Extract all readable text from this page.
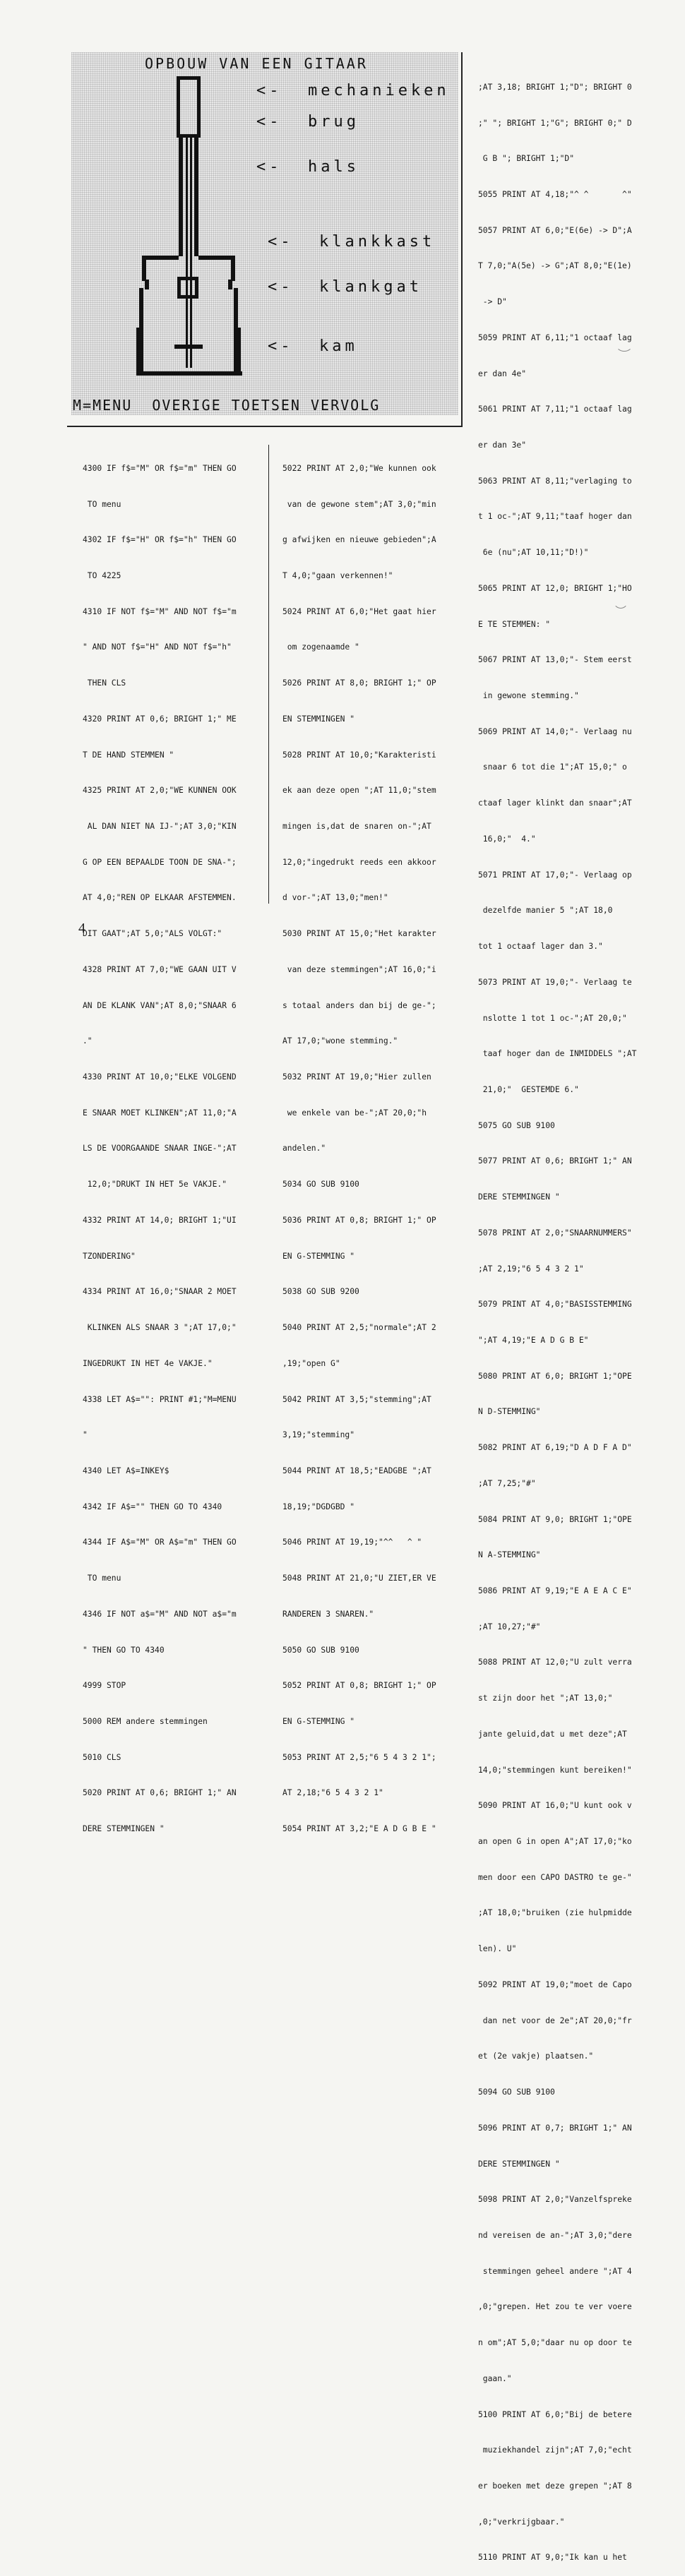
OPBOUW VAN EEN GITAAR
<-  mechanieken
<-  brug
<-  hals
<-  klankkast
<-  klankgat
<-  kam
M=MENU  OVERIGE TOETSEN VERVOLG

4300 IF f$="M" OR f$="m" THEN GO

TO menu

4302 IF f$="H" OR f$="h" THEN GO

TO 4225

4310 IF NOT f$="M" AND NOT f$="m

" AND NOT f$="H" AND NOT f$="h"

THEN CLS

4320 PRINT AT 0,6; BRIGHT 1;" ME

T DE HAND STEMMEN "

4325 PRINT AT 2,0;"WE KUNNEN OOK

AL DAN NIET NA IJ-";AT 3,0;"KIN

G OP EEN BEPAALDE TOON DE SNA-";

AT 4,0;"REN OP ELKAAR AFSTEMMEN.

DIT GAAT";AT 5,0;"ALS VOLGT:"

4328 PRINT AT 7,0;"WE GAAN UIT V

AN DE KLANK VAN";AT 8,0;"SNAAR 6

."

4330 PRINT AT 10,0;"ELKE VOLGEND

E SNAAR MOET KLINKEN";AT 11,0;"A

LS DE VOORGAANDE SNAAR INGE-";AT

12,0;"DRUKT IN HET 5e VAKJE."

4332 PRINT AT 14,0; BRIGHT 1;"UI

TZONDERING"

4334 PRINT AT 16,0;"SNAAR 2 MOET

KLINKEN ALS SNAAR 3 ";AT 17,0;"

INGEDRUKT IN HET 4e VAKJE."

4338 LET A$="": PRINT #1;"M=MENU

"

4340 LET A$=INKEY$

4342 IF A$="" THEN GO TO 4340

4344 IF A$="M" OR A$="m" THEN GO

TO menu

4346 IF NOT a$="M" AND NOT a$="m

" THEN GO TO 4340

4999 STOP

5000 REM andere stemmingen

5010 CLS

5020 PRINT AT 0,6; BRIGHT 1;" AN

DERE STEMMINGEN "

5022 PRINT AT 2,0;"We kunnen ook

van de gewone stem";AT 3,0;"min

g afwijken en nieuwe gebieden";A

T 4,0;"gaan verkennen!"

5024 PRINT AT 6,0;"Het gaat hier

om zogenaamde "

5026 PRINT AT 8,0; BRIGHT 1;" OP

EN STEMMINGEN "

5028 PRINT AT 10,0;"Karakteristi

ek aan deze open ";AT 11,0;"stem

mingen is,dat de snaren on-";AT

12,0;"ingedrukt reeds een akkoor

d vor-";AT 13,0;"men!"

5030 PRINT AT 15,0;"Het karakter

van deze stemmingen";AT 16,0;"i

s totaal anders dan bij de ge-";

AT 17,0;"wone stemming."

5032 PRINT AT 19,0;"Hier zullen

we enkele van be-";AT 20,0;"h

andelen."

5034 GO SUB 9100

5036 PRINT AT 0,8; BRIGHT 1;" OP

EN G-STEMMING "

5038 GO SUB 9200

5040 PRINT AT 2,5;"normale";AT 2

,19;"open G"

5042 PRINT AT 3,5;"stemming";AT

3,19;"stemming"

5044 PRINT AT 18,5;"EADGBE ";AT

18,19;"DGDGBD "

5046 PRINT AT 19,19;"^^   ^ "

5048 PRINT AT 21,0;"U ZIET,ER VE

RANDEREN 3 SNAREN."

5050 GO SUB 9100

5052 PRINT AT 0,8; BRIGHT 1;" OP

EN G-STEMMING "

5053 PRINT AT 2,5;"6 5 4 3 2 1";

AT 2,18;"6 5 4 3 2 1"

5054 PRINT AT 3,2;"E A D G B E "

;AT 3,18; BRIGHT 1;"D"; BRIGHT 0

;" "; BRIGHT 1;"G"; BRIGHT 0;" D

G B "; BRIGHT 1;"D"

5055 PRINT AT 4,18;"^ ^       ^"

5057 PRINT AT 6,0;"E(6e) -> D";A

T 7,0;"A(5e) -> G";AT 8,0;"E(1e)

-> D"

5059 PRINT AT 6,11;"1 octaaf lag

er dan 4e"

5061 PRINT AT 7,11;"1 octaaf lag

er dan 3e"

5063 PRINT AT 8,11;"verlaging to

t 1 oc-";AT 9,11;"taaf hoger dan

6e (nu";AT 10,11;"D!)"

5065 PRINT AT 12,0; BRIGHT 1;"HO

E TE STEMMEN: "

5067 PRINT AT 13,0;"- Stem eerst

in gewone stemming."

5069 PRINT AT 14,0;"- Verlaag nu

snaar 6 tot die 1";AT 15,0;" o

ctaaf lager klinkt dan snaar";AT

16,0;"  4."

5071 PRINT AT 17,0;"- Verlaag op

dezelfde manier 5 ";AT 18,0

tot 1 octaaf lager dan 3."

5073 PRINT AT 19,0;"- Verlaag te

nslotte 1 tot 1 oc-";AT 20,0;"

taaf hoger dan de INMIDDELS ";AT

21,0;"  GESTEMDE 6."

5075 GO SUB 9100

5077 PRINT AT 0,6; BRIGHT 1;" AN

DERE STEMMINGEN "

5078 PRINT AT 2,0;"SNAARNUMMERS"

;AT 2,19;"6 5 4 3 2 1"

5079 PRINT AT 4,0;"BASISSTEMMING

";AT 4,19;"E A D G B E"

5080 PRINT AT 6,0; BRIGHT 1;"OPE

N D-STEMMING"

5082 PRINT AT 6,19;"D A D F A D"

;AT 7,25;"#"

5084 PRINT AT 9,0; BRIGHT 1;"OPE

N A-STEMMING"

5086 PRINT AT 9,19;"E A E A C E"

;AT 10,27;"#"

5088 PRINT AT 12,0;"U zult verra

st zijn door het ";AT 13,0;"

jante geluid,dat u met deze";AT

14,0;"stemmingen kunt bereiken!"

5090 PRINT AT 16,0;"U kunt ook v

an open G in open A";AT 17,0;"ko

men door een CAPO DASTRO te ge-"

;AT 18,0;"bruiken (zie hulpmidde

len). U"

5092 PRINT AT 19,0;"moet de Capo

dan net voor de 2e";AT 20,0;"fr

et (2e vakje) plaatsen."

5094 GO SUB 9100

5096 PRINT AT 0,7; BRIGHT 1;" AN

DERE STEMMINGEN "

5098 PRINT AT 2,0;"Vanzelfspreke

nd vereisen de an-";AT 3,0;"dere

stemmingen geheel andere ";AT 4

,0;"grepen. Het zou te ver voere

n om";AT 5,0;"daar nu op door te

gaan."

5100 PRINT AT 6,0;"Bij de betere

muziekhandel zijn";AT 7,0;"echt

er boeken met deze grepen ";AT 8

,0;"verkrijgbaar."

5110 PRINT AT 9,0;"Ik kan u het

4
